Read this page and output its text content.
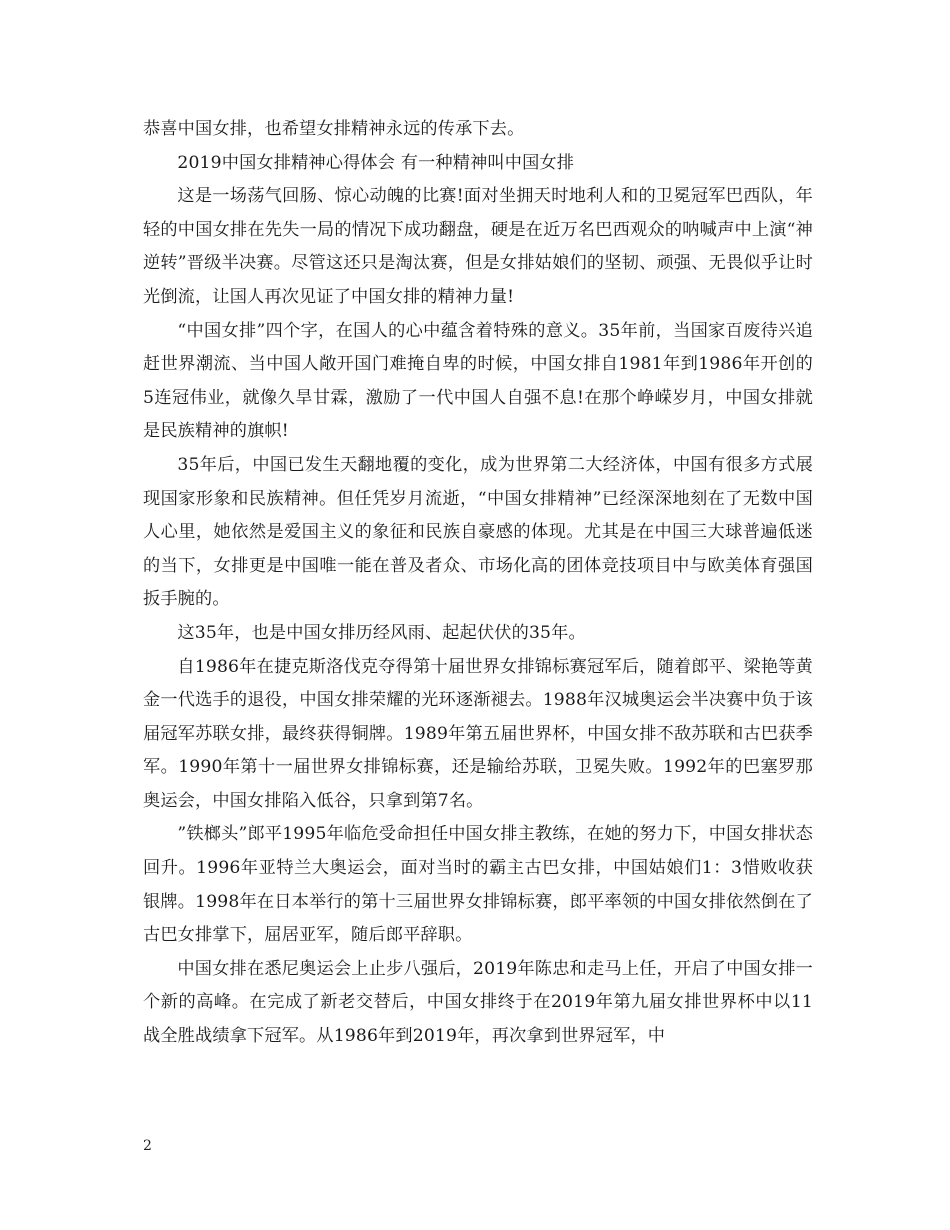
恭喜中国女排，也希望女排精神永远的传承下去。

2019中国女排精神心得体会 有一种精神叫中国女排

这是一场荡气回肠、惊心动魄的比赛!面对坐拥天时地利人和的卫冕冠军巴西队，年轻的中国女排在先失一局的情况下成功翻盘，硬是在近万名巴西观众的呐喊声中上演“神逆转”晋级半决赛。尽管这还只是淘汰赛，但是女排姑娘们的坚韧、顽强、无畏似乎让时光倒流，让国人再次见证了中国女排的精神力量!

“中国女排”四个字，在国人的心中蕴含着特殊的意义。35年前，当国家百废待兴追赶世界潮流、当中国人敞开国门难掩自卑的时候，中国女排自1981年到1986年开创的5连冠伟业，就像久旱甘霖，激励了一代中国人自强不息!在那个峥嵘岁月，中国女排就是民族精神的旗帜!

35年后，中国已发生天翻地覆的变化，成为世界第二大经济体，中国有很多方式展现国家形象和民族精神。但任凭岁月流逝，“中国女排精神”已经深深地刻在了无数中国人心里，她依然是爱国主义的象征和民族自豪感的体现。尤其是在中国三大球普遍低迷的当下，女排更是中国唯一能在普及者众、市场化高的团体竞技项目中与欧美体育强国扳手腕的。

这35年，也是中国女排历经风雨、起起伏伏的35年。

自1986年在捷克斯洛伐克夺得第十届世界女排锦标赛冠军后，随着郎平、梁艳等黄金一代选手的退役，中国女排荣耀的光环逐渐褪去。1988年汉城奥运会半决赛中负于该届冠军苏联女排，最终获得铜牌。1989年第五届世界杯，中国女排不敌苏联和古巴获季军。1990年第十一届世界女排锦标赛，还是输给苏联，卫冕失败。1992年的巴塞罗那奥运会，中国女排陷入低谷，只拿到第7名。

”铁榔头”郎平1995年临危受命担任中国女排主教练，在她的努力下，中国女排状态回升。1996年亚特兰大奥运会，面对当时的霸主古巴女排，中国姑娘们1：3惜败收获银牌。1998年在日本举行的第十三届世界女排锦标赛，郎平率领的中国女排依然倒在了古巴女排掌下，屈居亚军，随后郎平辞职。

中国女排在悉尼奥运会上止步八强后，2019年陈忠和走马上任，开启了中国女排一个新的高峰。在完成了新老交替后，中国女排终于在2019年第九届女排世界杯中以11战全胜战绩拿下冠军。从1986年到2019年，再次拿到世界冠军，中

2
